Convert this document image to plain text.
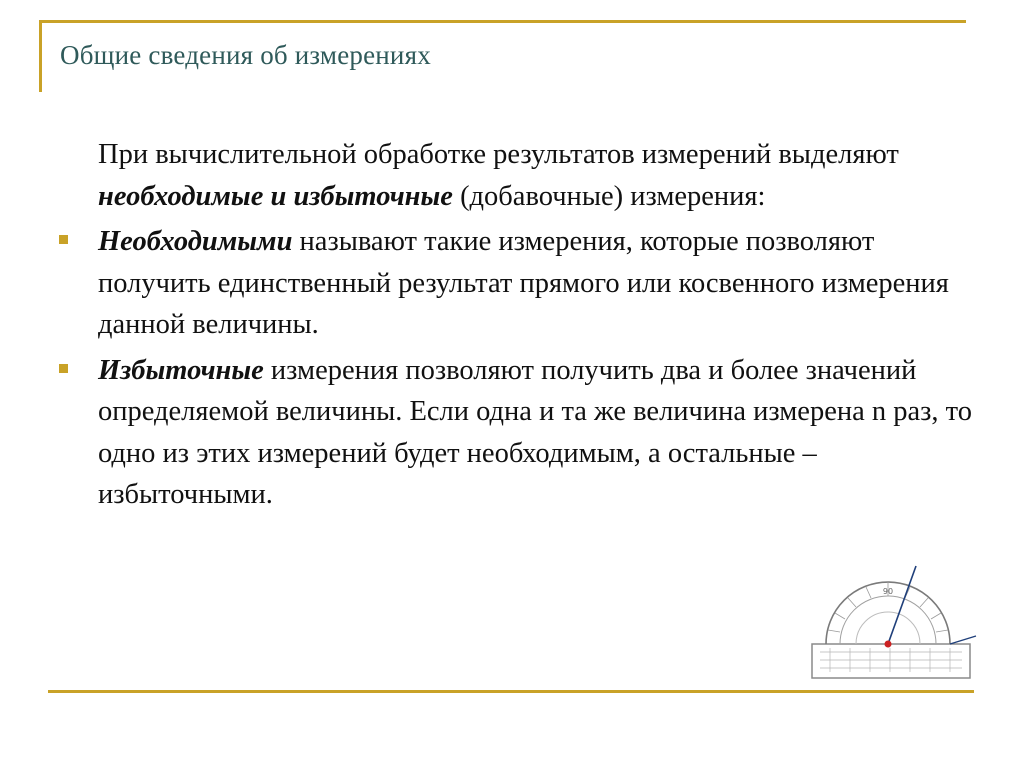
Общие сведения об измерениях

При вычислительной обработке результатов измерений выделяют необходимые и избыточные (добавочные) измерения:

Необходимыми называют такие измерения, которые позволяют получить единственный результат прямого или косвенного измерения данной величины.
Избыточные измерения позволяют получить два и более значений определяемой величины. Если одна и та же величина измерена n раз, то одно из этих измерений будет необходимым, а остальные – избыточными.
90
